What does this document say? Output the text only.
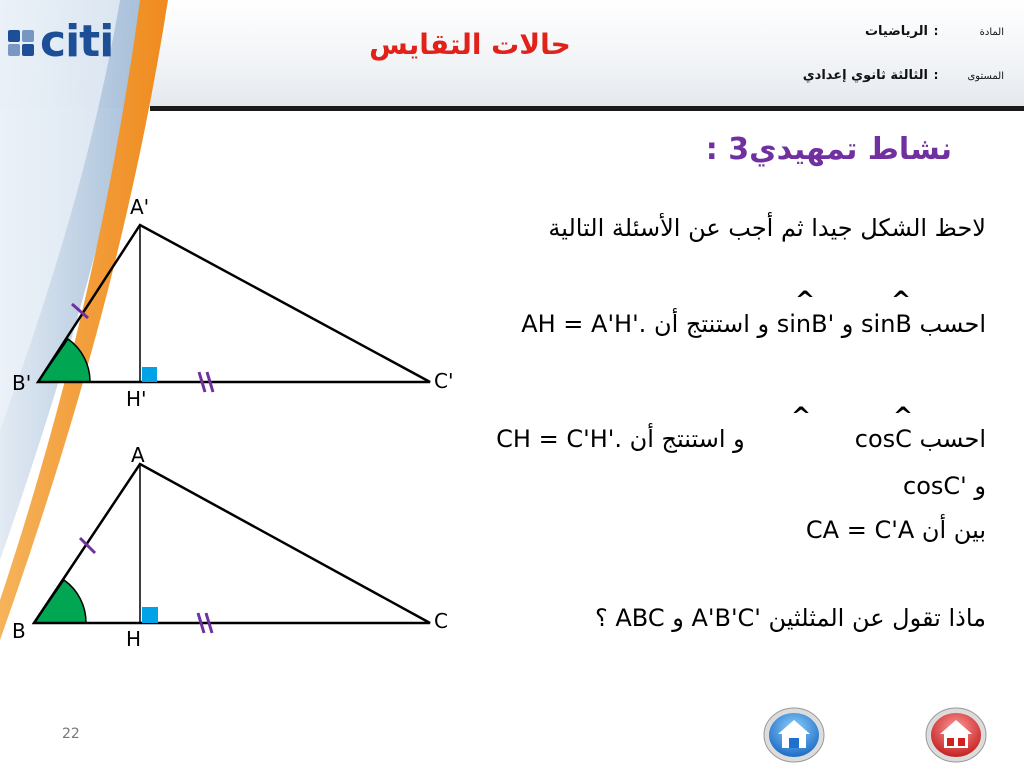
citi	حالات التقايس	المادة:الرياضيات
المستوى:الثالثة ثانوي إعدادي
نشاط تمهيدي3 :
لاحظ الشكل جيدا ثم أجب عن الأسئلة التالية
احسب sinB و sinB' و استنتج أن AH = A'H'.
^
^
احسب cosCو استنتج أن CH = C'H'.
^
^
و cosC'
بين أن CA = C'A
ماذا تقول عن المثلثين A'B'C' و ABC ؟
A'
B'	C'
H'
A
B	C
H
22
